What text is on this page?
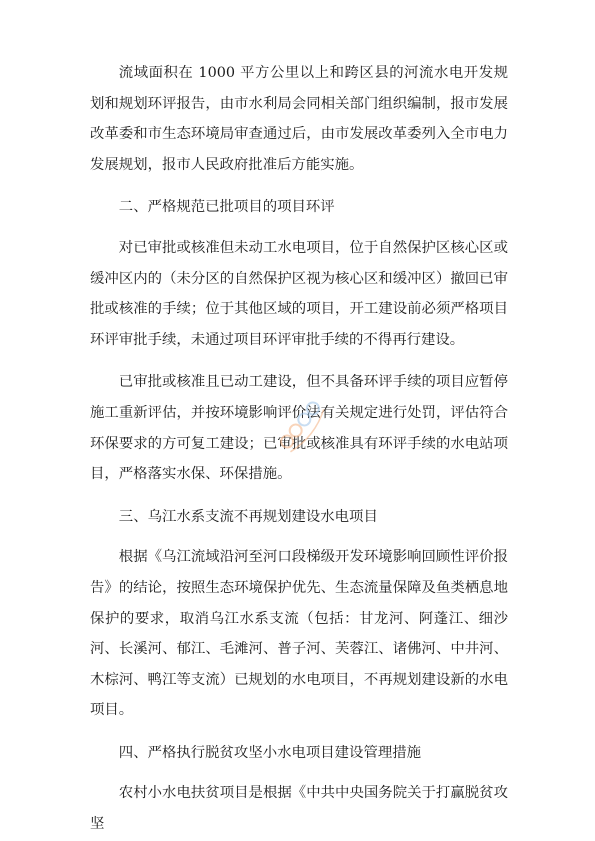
流域面积在 1000 平方公里以上和跨区县的河流水电开发规划和规划环评报告，由市水利局会同相关部门组织编制，报市发展改革委和市生态环境局审查通过后，由市发展改革委列入全市电力发展规划，报市人民政府批准后方能实施。

二、严格规范已批项目的项目环评

对已审批或核准但未动工水电项目，位于自然保护区核心区或缓冲区内的（未分区的自然保护区视为核心区和缓冲区）撤回已审批或核准的手续；位于其他区域的项目，开工建设前必须严格项目环评审批手续，未通过项目环评审批手续的不得再行建设。

已审批或核准且已动工建设，但不具备环评手续的项目应暂停施工重新评估，并按环境影响评价法有关规定进行处罚，评估符合环保要求的方可复工建设；已审批或核准具有环评手续的水电站项目，严格落实水保、环保措施。

三、乌江水系支流不再规划建设水电项目

根据《乌江流域沿河至河口段梯级开发环境影响回顾性评价报告》的结论，按照生态环境保护优先、生态流量保障及鱼类栖息地保护的要求，取消乌江水系支流（包括：甘龙河、阿蓬江、细沙河、长溪河、郁江、毛滩河、普子河、芙蓉江、诸佛河、中井河、木棕河、鸭江等支流）已规划的水电项目，不再规划建设新的水电项目。

四、严格执行脱贫攻坚小水电项目建设管理措施

农村小水电扶贫项目是根据《中共中央国务院关于打赢脱贫攻坚
